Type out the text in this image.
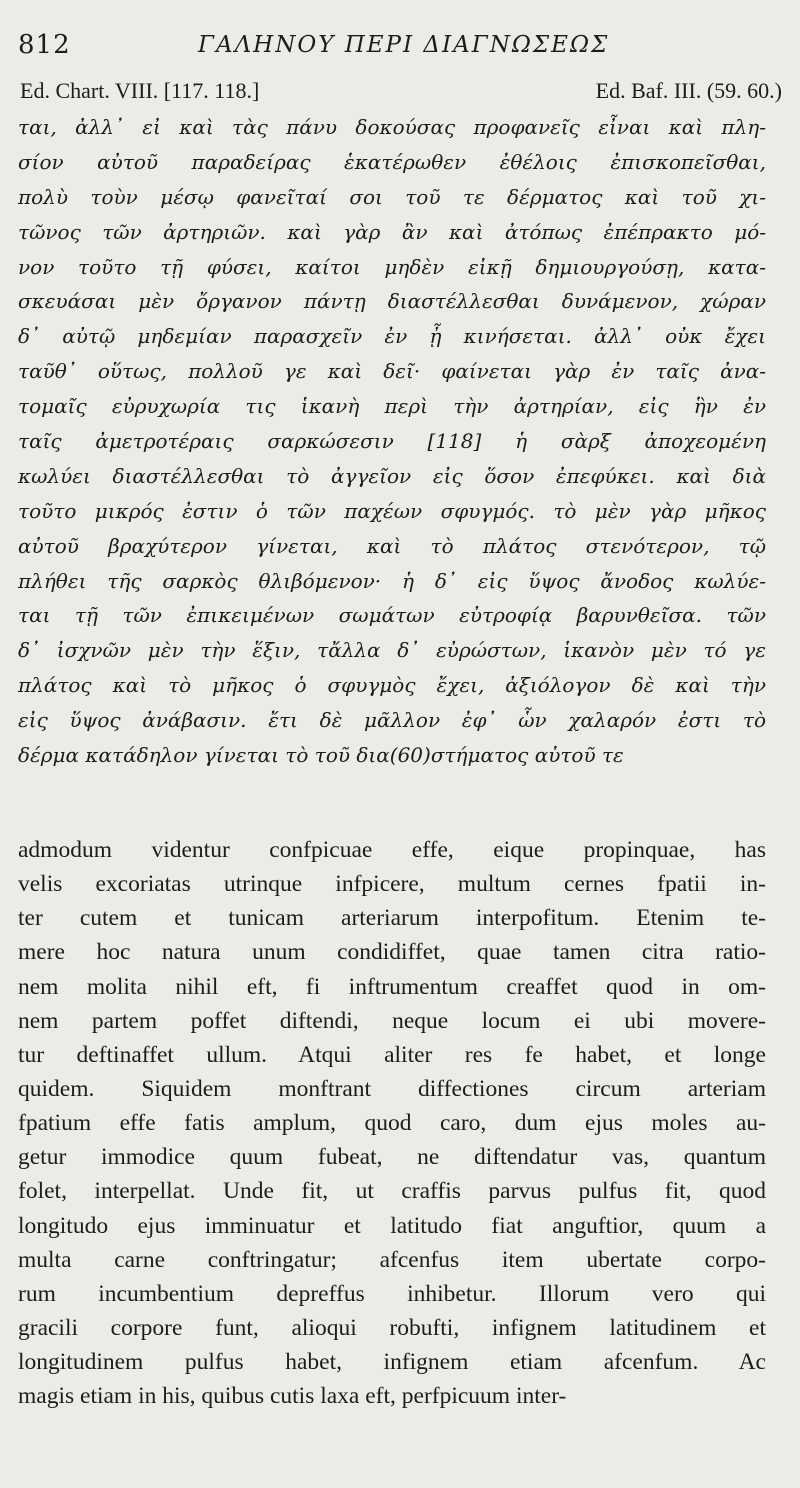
812	ΓΑΛΗΝΟΥ ΠΕΡΙ ΔΙΑΓΝΩΣΕΩΣ
Ed. Chart. VIII. [117. 118.]	Ed. Baf. III. (59. 60.)
ται, ἀλλ᾽ εἰ καὶ τὰς πάνυ δοκούσας προφανεῖς εἶναι καὶ πλη-
σίον αὐτοῦ παραδείρας ἑκατέρωθεν ἐθέλοις ἐπισκοπεῖσθαι,
πολὺ τοὺν μέσῳ φανεῖταί σοι τοῦ τε δέρματος καὶ τοῦ χι-
τῶνος τῶν ἀρτηριῶν. καὶ γὰρ ἂν καὶ ἀτόπως ἐπέπρακτο μό-
νον τοῦτο τῇ φύσει, καίτοι μηδὲν εἰκῇ δημιουργούσῃ, κατα-
σκευάσαι μὲν ὄργανον πάντῃ διαστέλλεσθαι δυνάμενον, χώραν
δ᾽ αὐτῷ μηδεμίαν παρασχεῖν ἐν ᾗ κινήσεται. ἀλλ᾽ οὐκ ἔχει
ταῦθ᾽ οὕτως, πολλοῦ γε καὶ δεῖ· φαίνεται γὰρ ἐν ταῖς ἀνα-
τομαῖς εὐρυχωρία τις ἱκανὴ περὶ τὴν ἀρτηρίαν, εἰς ἣν ἐν
ταῖς ἀμετροτέραις σαρκώσεσιν [118] ἡ σὰρξ ἀποχεομένη
κωλύει διαστέλλεσθαι τὸ ἀγγεῖον εἰς ὅσον ἐπεφύκει. καὶ διὰ
τοῦτο μικρός ἐστιν ὁ τῶν παχέων σφυγμός. τὸ μὲν γὰρ μῆκος
αὐτοῦ βραχύτερον γίνεται, καὶ τὸ πλάτος στενότερον, τῷ
πλήθει τῆς σαρκὸς θλιβόμενον· ἡ δ᾽ εἰς ὕψος ἄνοδος κωλύε-
ται τῇ τῶν ἐπικειμένων σωμάτων εὐτροφίᾳ βαρυνθεῖσα. τῶν
δ᾽ ἰσχνῶν μὲν τὴν ἕξιν, τἄλλα δ᾽ εὐρώστων, ἱκανὸν μὲν τό γε
πλάτος καὶ τὸ μῆκος ὁ σφυγμὸς ἔχει, ἀξιόλογον δὲ καὶ τὴν
εἰς ὕψος ἀνάβασιν. ἔτι δὲ μᾶλλον ἐφ᾽ ὧν χαλαρόν ἐστι τὸ
δέρμα κατάδηλον γίνεται τὸ τοῦ δια(60)στήματος αὐτοῦ τε
admodum videntur confpicuae effe, eique propinquae, has
velis excoriatas utrinque infpicere, multum cernes fpatii in-
ter cutem et tunicam arteriarum interpofitum. Etenim te-
mere hoc natura unum condidiffet, quae tamen citra ratio-
nem molita nihil eft, fi inftrumentum creaffet quod in om-
nem partem poffet diftendi, neque locum ei ubi movere-
tur deftinaffet ullum. Atqui aliter res fe habet, et longe
quidem. Siquidem monftrant diffectiones circum arteriam
fpatium effe fatis amplum, quod caro, dum ejus moles au-
getur immodice quum fubeat, ne diftendatur vas, quantum
folet, interpellat. Unde fit, ut craffis parvus pulfus fit, quod
longitudo ejus imminuatur et latitudo fiat anguftior, quum a
multa carne conftringatur; afcenfus item ubertate corpo-
rum incumbentium depreffus inhibetur. Illorum vero qui
gracili corpore funt, alioqui robufti, infignem latitudinem et
longitudinem pulfus habet, infignem etiam afcenfum. Ac
magis etiam in his, quibus cutis laxa eft, perfpicuum inter-
